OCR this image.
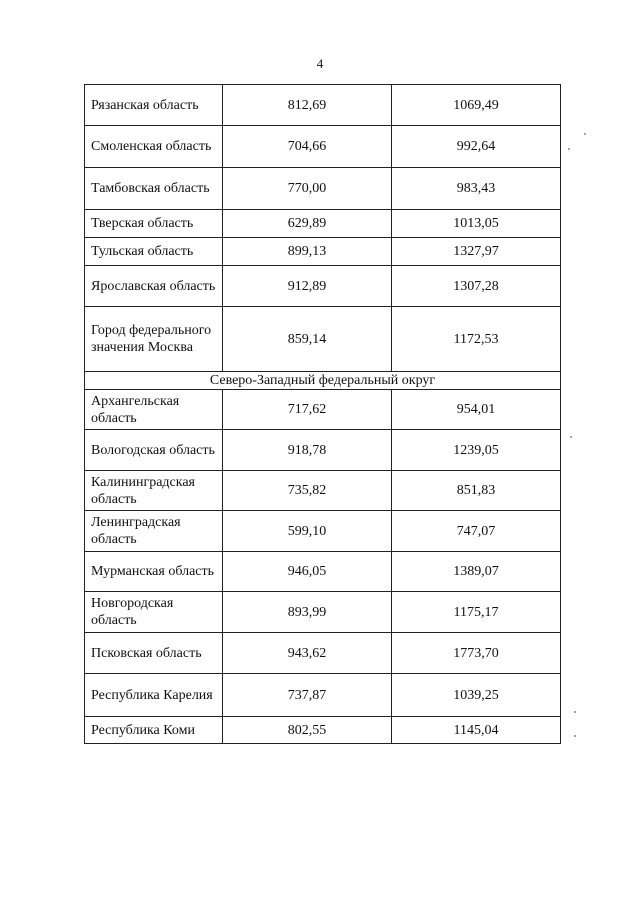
4
Рязанская область	812,69	1069,49
Смоленская область	704,66	992,64
Тамбовская область	770,00	983,43
Тверская область	629,89	1013,05
Тульская область	899,13	1327,97
Ярославская область	912,89	1307,28
Город федерального значения Москва	859,14	1172,53
Северо-Западный федеральный округ		
Архангельская область	717,62	954,01
Вологодская область	918,78	1239,05
Калининградская область	735,82	851,83
Ленинградская область	599,10	747,07
Мурманская область	946,05	1389,07
Новгородская область	893,99	1175,17
Псковская область	943,62	1773,70
Республика Карелия	737,87	1039,25
Республика Коми	802,55	1145,04
